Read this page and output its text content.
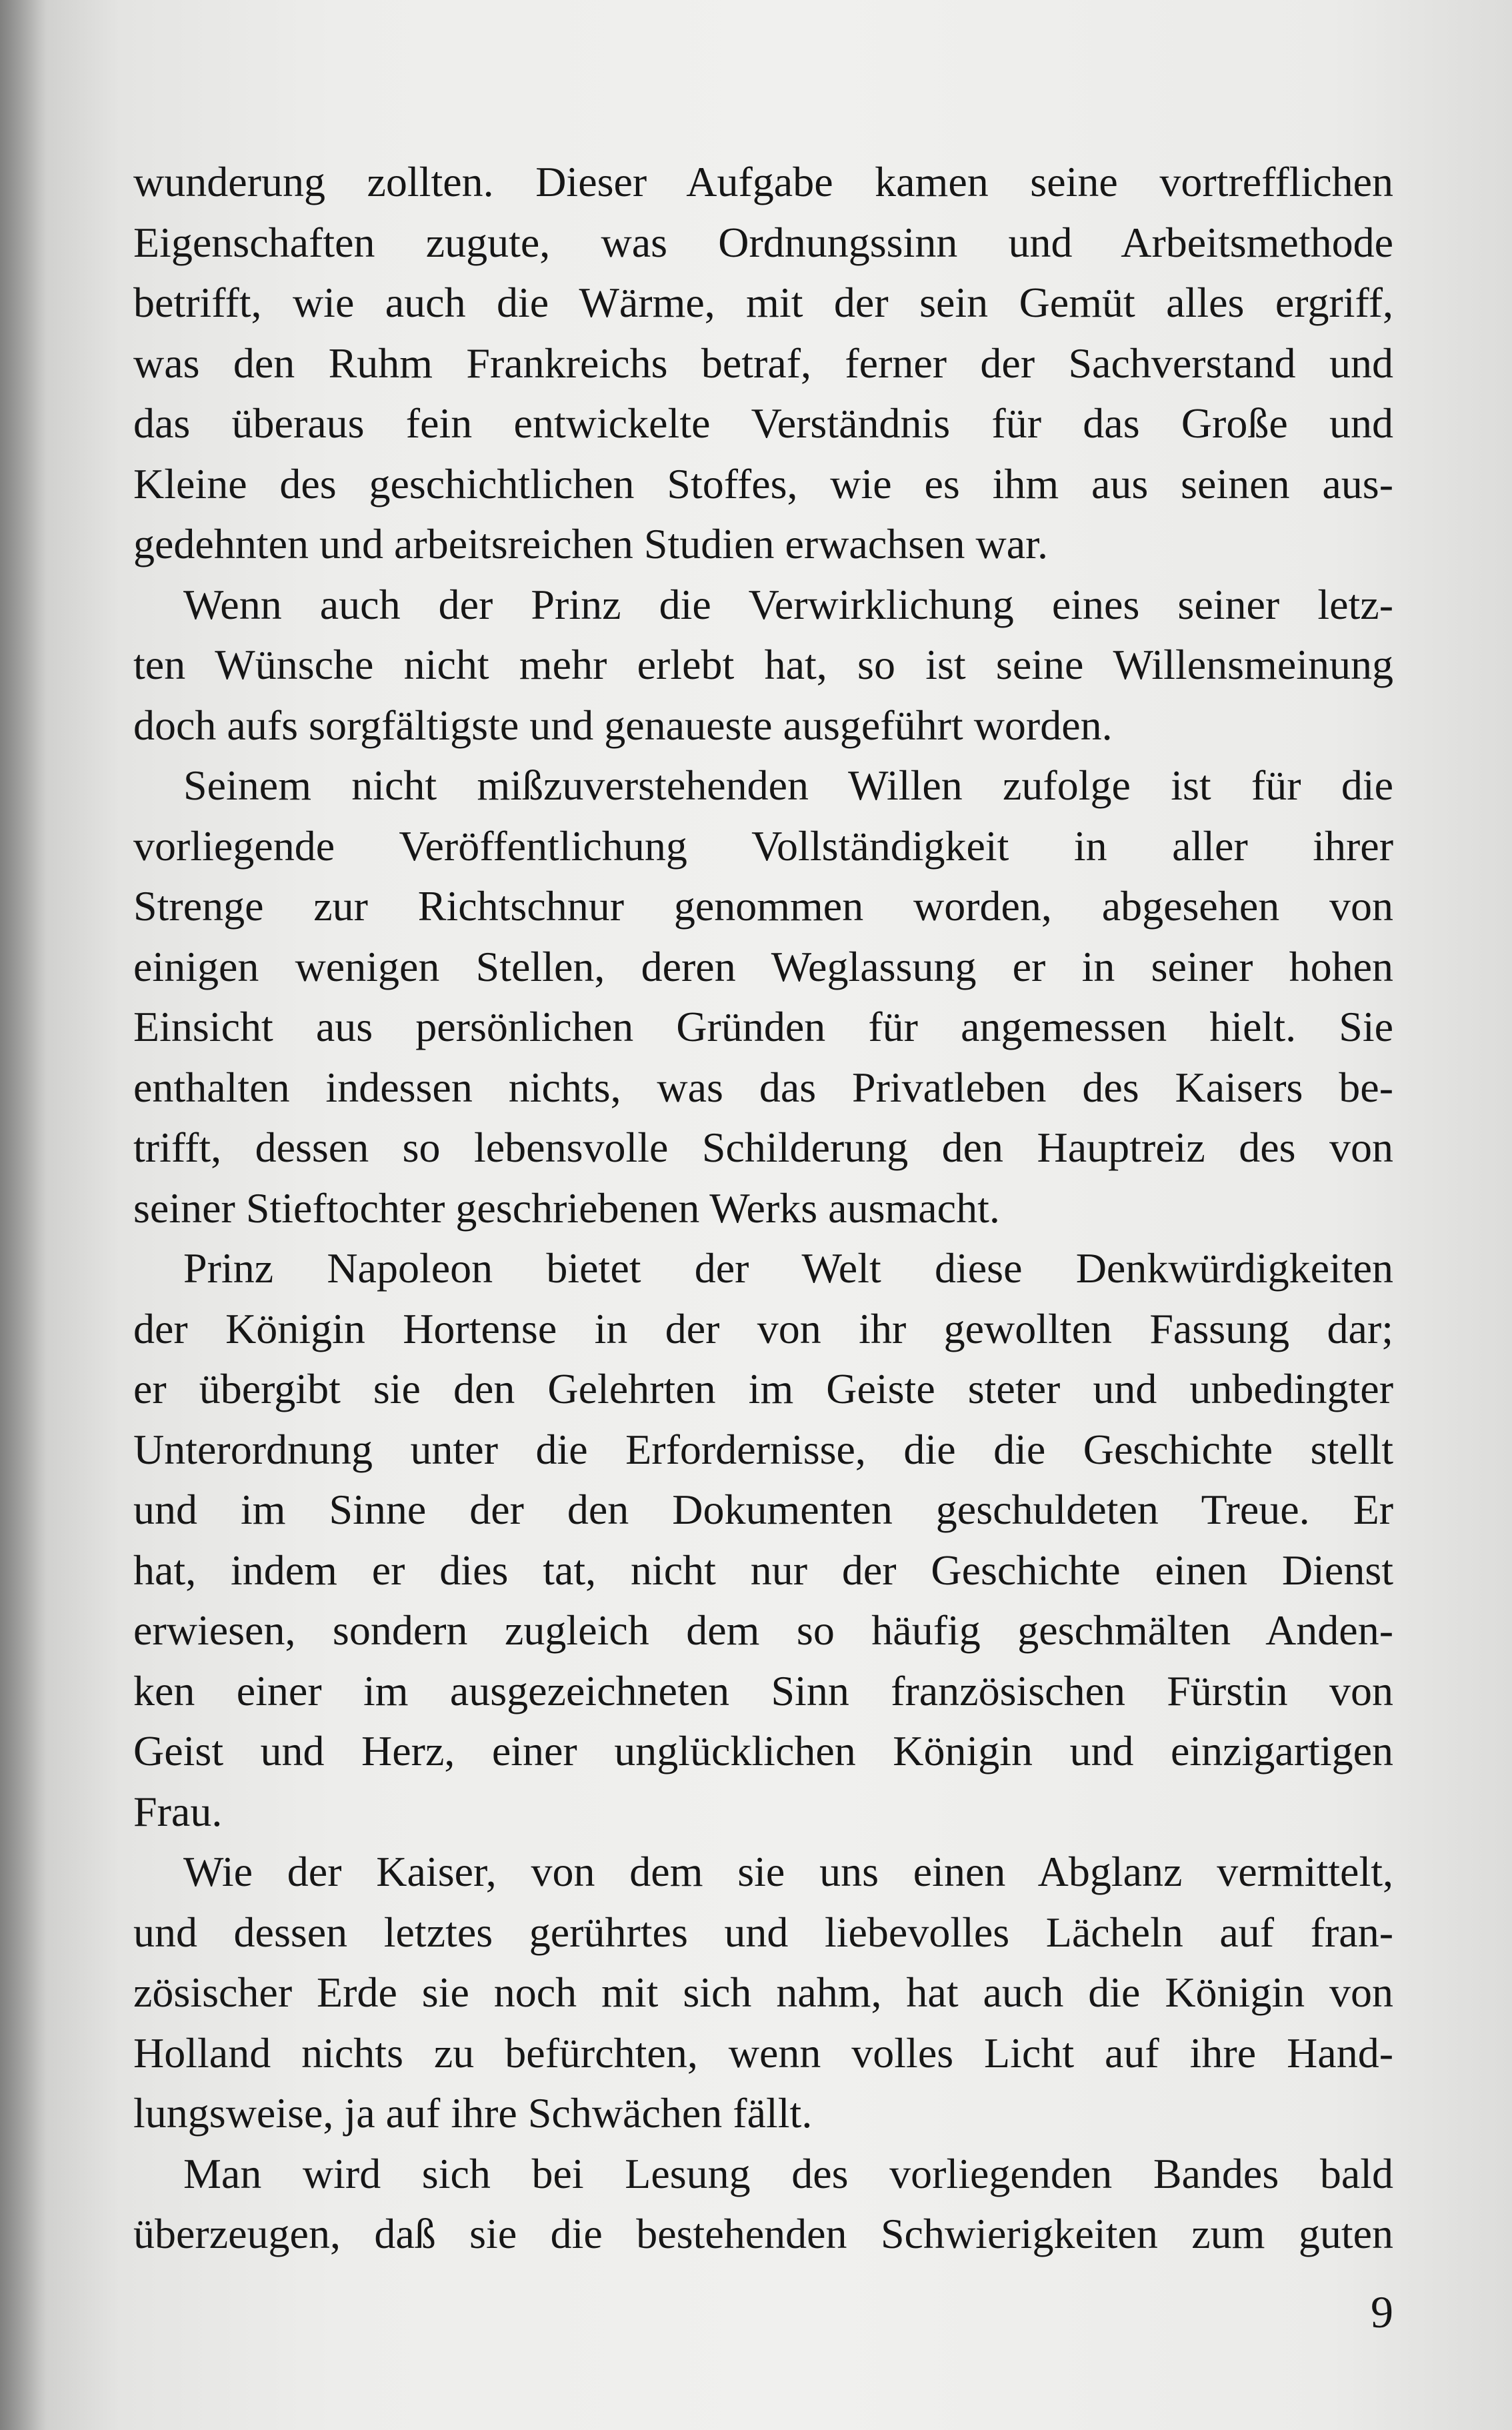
wunderung zollten. Dieser Aufgabe kamen seine vortrefflichen
Eigenschaften zugute, was Ordnungssinn und Arbeitsmethode
betrifft, wie auch die Wärme, mit der sein Gemüt alles ergriff,
was den Ruhm Frankreichs betraf, ferner der Sachverstand und
das überaus fein entwickelte Verständnis für das Große und
Kleine des geschichtlichen Stoffes, wie es ihm aus seinen aus-
gedehnten und arbeitsreichen Studien erwachsen war.
Wenn auch der Prinz die Verwirklichung eines seiner letz-
ten Wünsche nicht mehr erlebt hat, so ist seine Willensmeinung
doch aufs sorgfältigste und genaueste ausgeführt worden.
Seinem nicht mißzuverstehenden Willen zufolge ist für die
vorliegende Veröffentlichung Vollständigkeit in aller ihrer
Strenge zur Richtschnur genommen worden, abgesehen von
einigen wenigen Stellen, deren Weglassung er in seiner hohen
Einsicht aus persönlichen Gründen für angemessen hielt. Sie
enthalten indessen nichts, was das Privatleben des Kaisers be-
trifft, dessen so lebensvolle Schilderung den Hauptreiz des von
seiner Stieftochter geschriebenen Werks ausmacht.
Prinz Napoleon bietet der Welt diese Denkwürdigkeiten
der Königin Hortense in der von ihr gewollten Fassung dar;
er übergibt sie den Gelehrten im Geiste steter und unbedingter
Unterordnung unter die Erfordernisse, die die Geschichte stellt
und im Sinne der den Dokumenten geschuldeten Treue. Er
hat, indem er dies tat, nicht nur der Geschichte einen Dienst
erwiesen, sondern zugleich dem so häufig geschmälten Anden-
ken einer im ausgezeichneten Sinn französischen Fürstin von
Geist und Herz, einer unglücklichen Königin und einzigartigen
Frau.
Wie der Kaiser, von dem sie uns einen Abglanz vermittelt,
und dessen letztes gerührtes und liebevolles Lächeln auf fran-
zösischer Erde sie noch mit sich nahm, hat auch die Königin von
Holland nichts zu befürchten, wenn volles Licht auf ihre Hand-
lungsweise, ja auf ihre Schwächen fällt.
Man wird sich bei Lesung des vorliegenden Bandes bald
überzeugen, daß sie die bestehenden Schwierigkeiten zum guten
9
